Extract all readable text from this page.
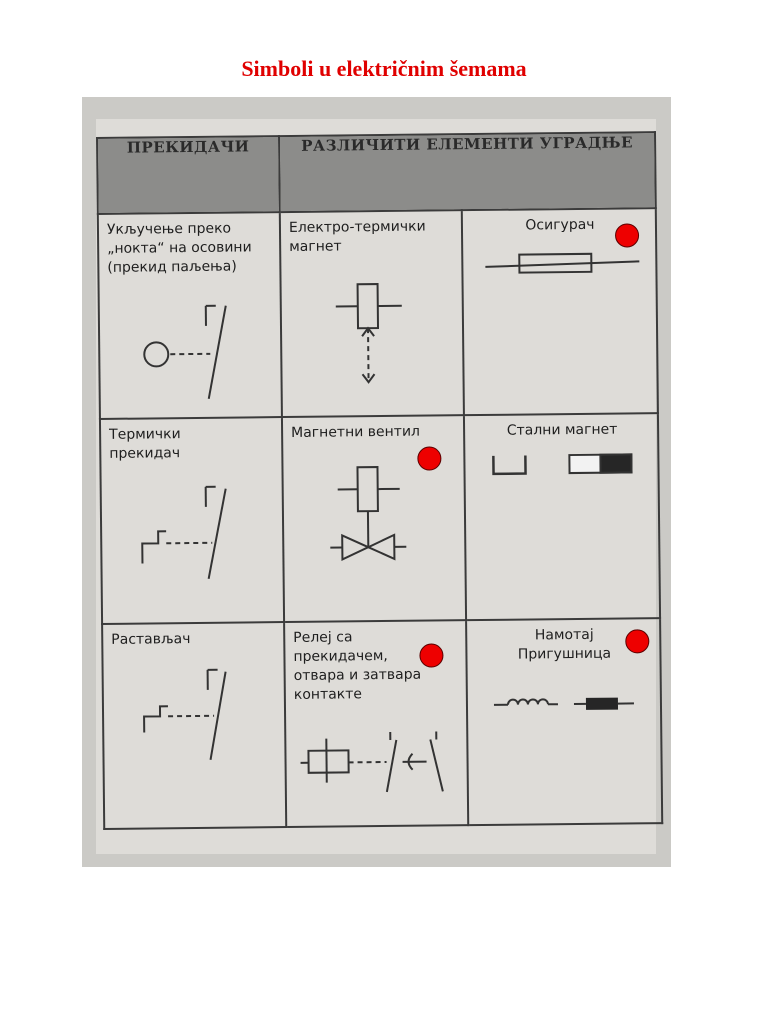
Simboli u električnim šemama
ПРЕКИДАЧИ	РАЗЛИЧИТИ ЕЛЕМЕНТИ УГРАДЊЕ	

Укључење преко
„нокта“ на осовини
(прекид паљења)	Електро-термички
магнет	Осигурач

Термички
прекидач	Магнетни вентил	Стални магнет

Растављач	Релеј са
прекидачем,
отвара и затвара
контакте	Намотај
Пригушница
